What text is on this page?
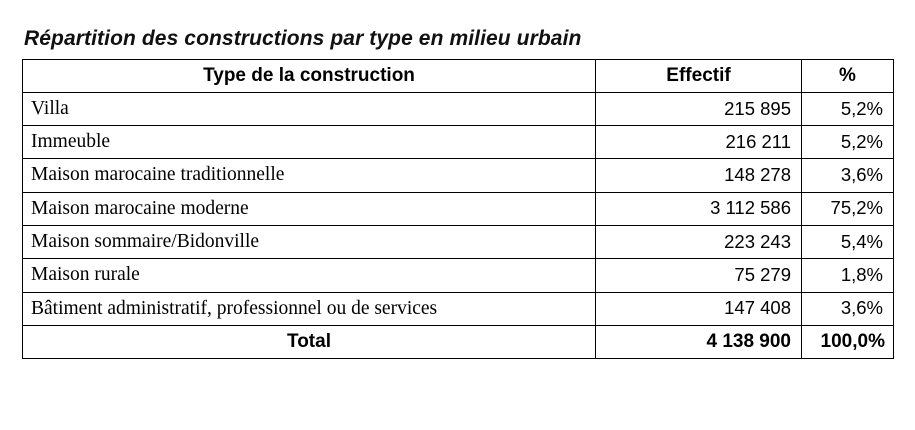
Répartition des constructions par type en milieu urbain
Type de la construction	Effectif	%
Villa	215 895	5,2%
Immeuble	216 211	5,2%
Maison marocaine traditionnelle	148 278	3,6%
Maison marocaine moderne	3 112 586	75,2%
Maison sommaire/Bidonville	223 243	5,4%
Maison rurale	75 279	1,8%
Bâtiment administratif, professionnel ou de services	147 408	3,6%
Total	4 138 900	100,0%
